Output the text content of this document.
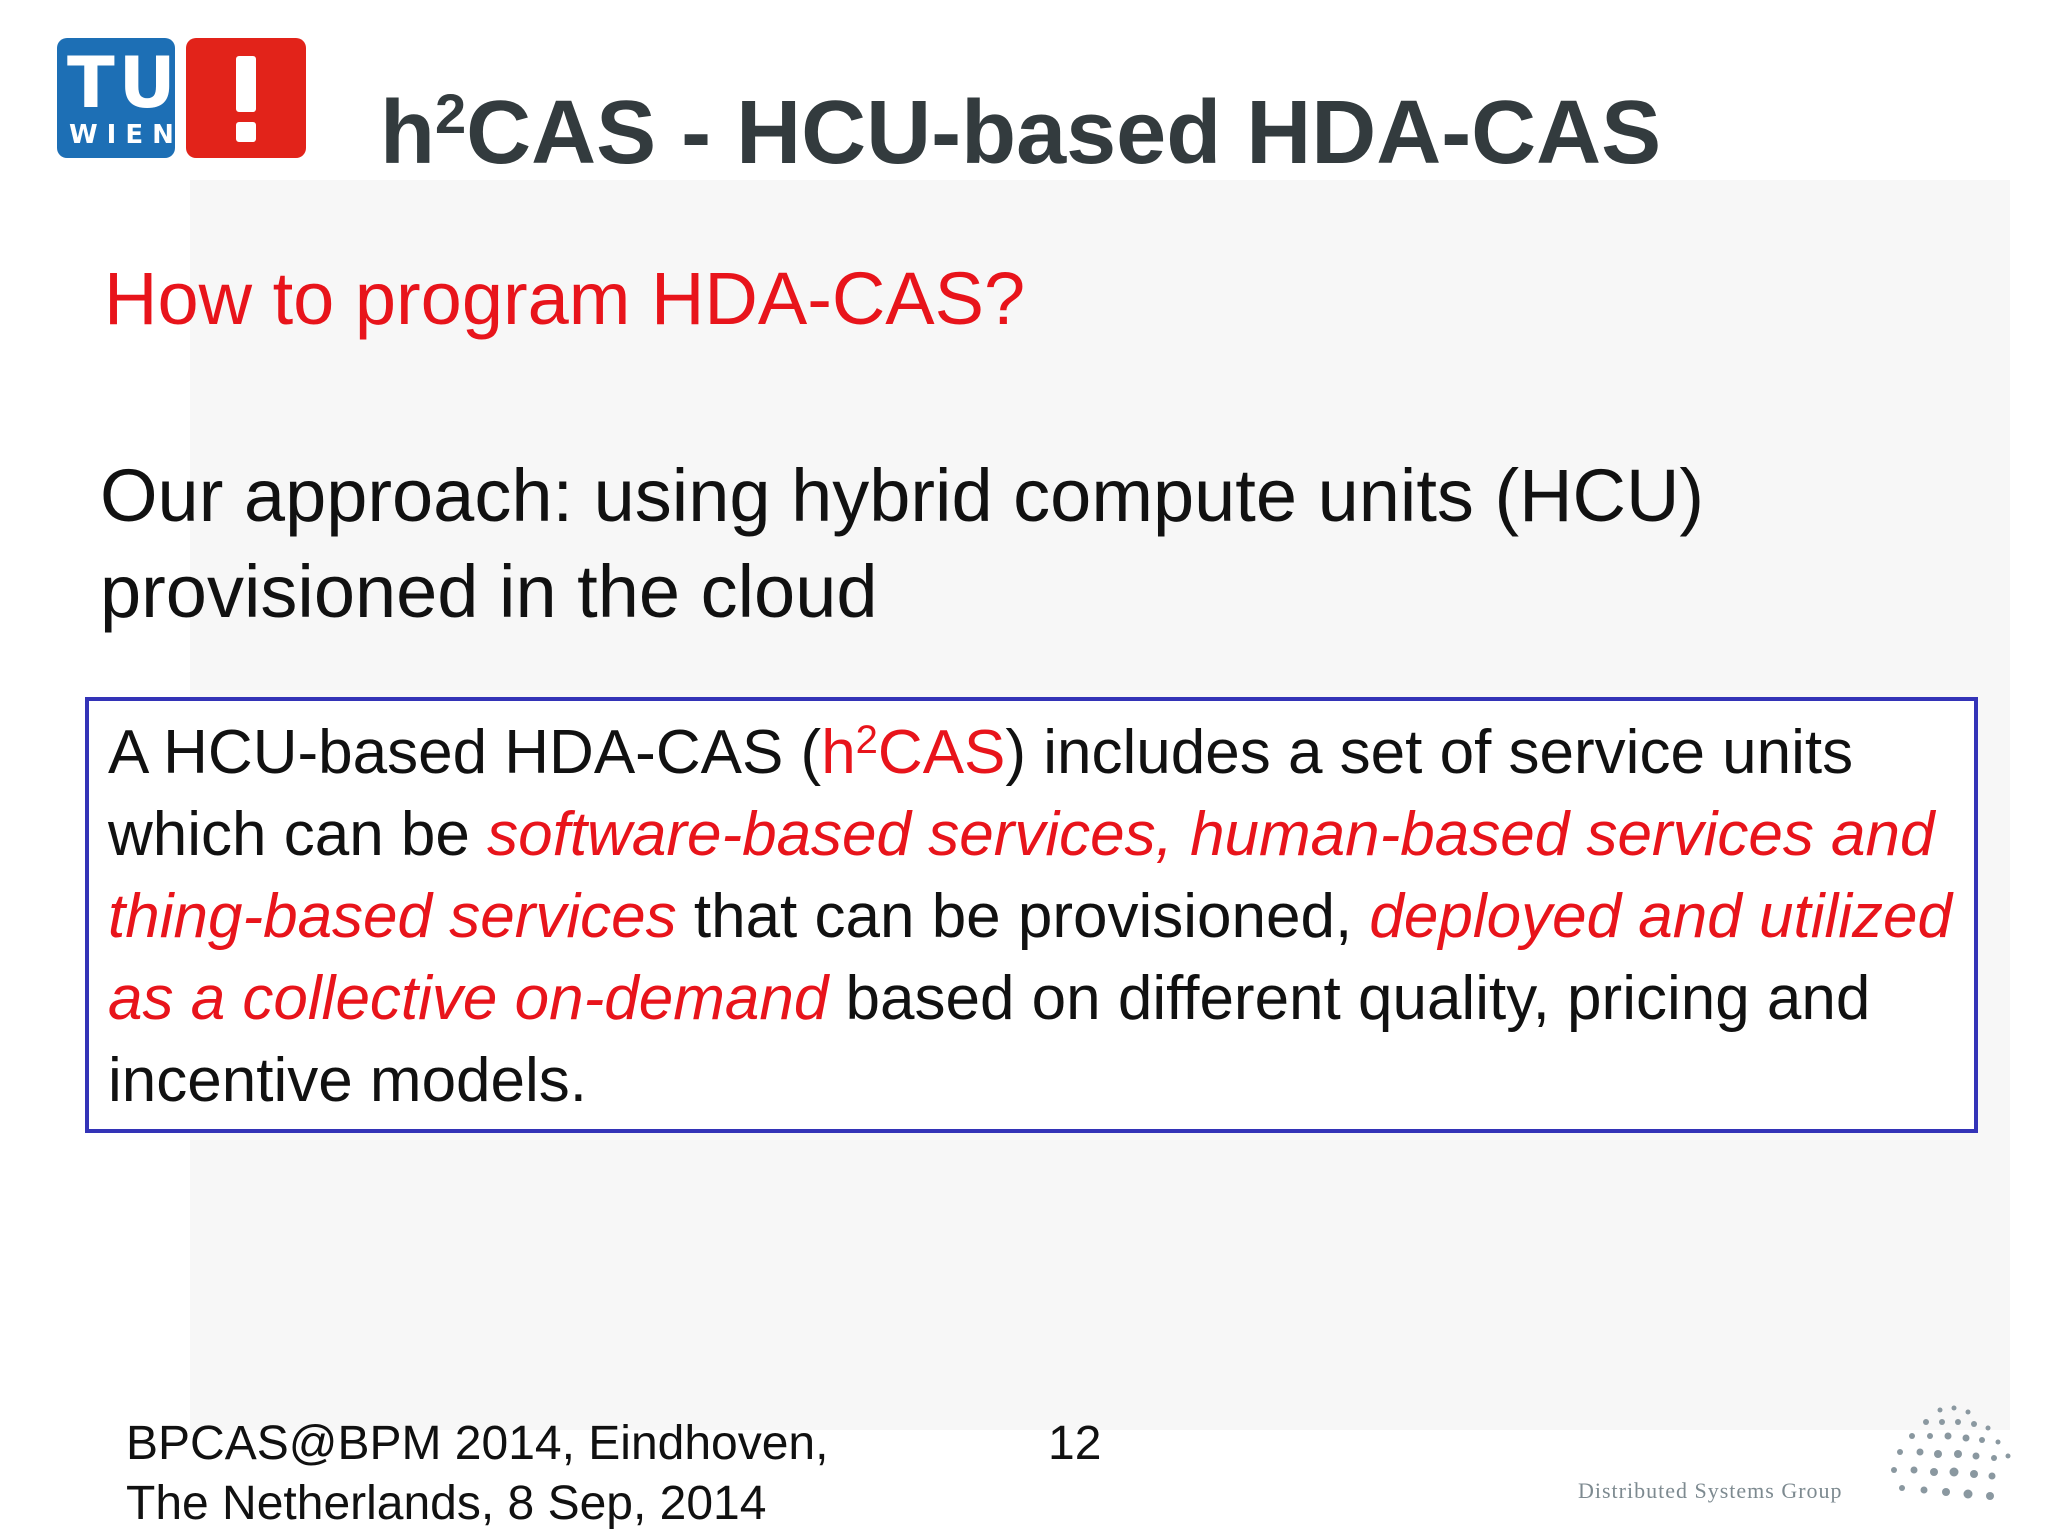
TU
WIEN $h^2CAS$ - HCU-based HDA-CAS
How to program HDA-CAS?
Our approach: using hybrid compute units (HCU)
provisioned in the cloud
A HCU-based HDA-CAS $(h^2CAS)$ includes a set of service units which can be software-based services, human-based services and thing-based services that can be provisioned, deployed and utilized as a collective on-demand based on different quality, pricing and incentive models.
BPCAS@BPM 2014, Eindhoven,
The Netherlands, 8 Sep, 2014
12
Distributed Systems Group
